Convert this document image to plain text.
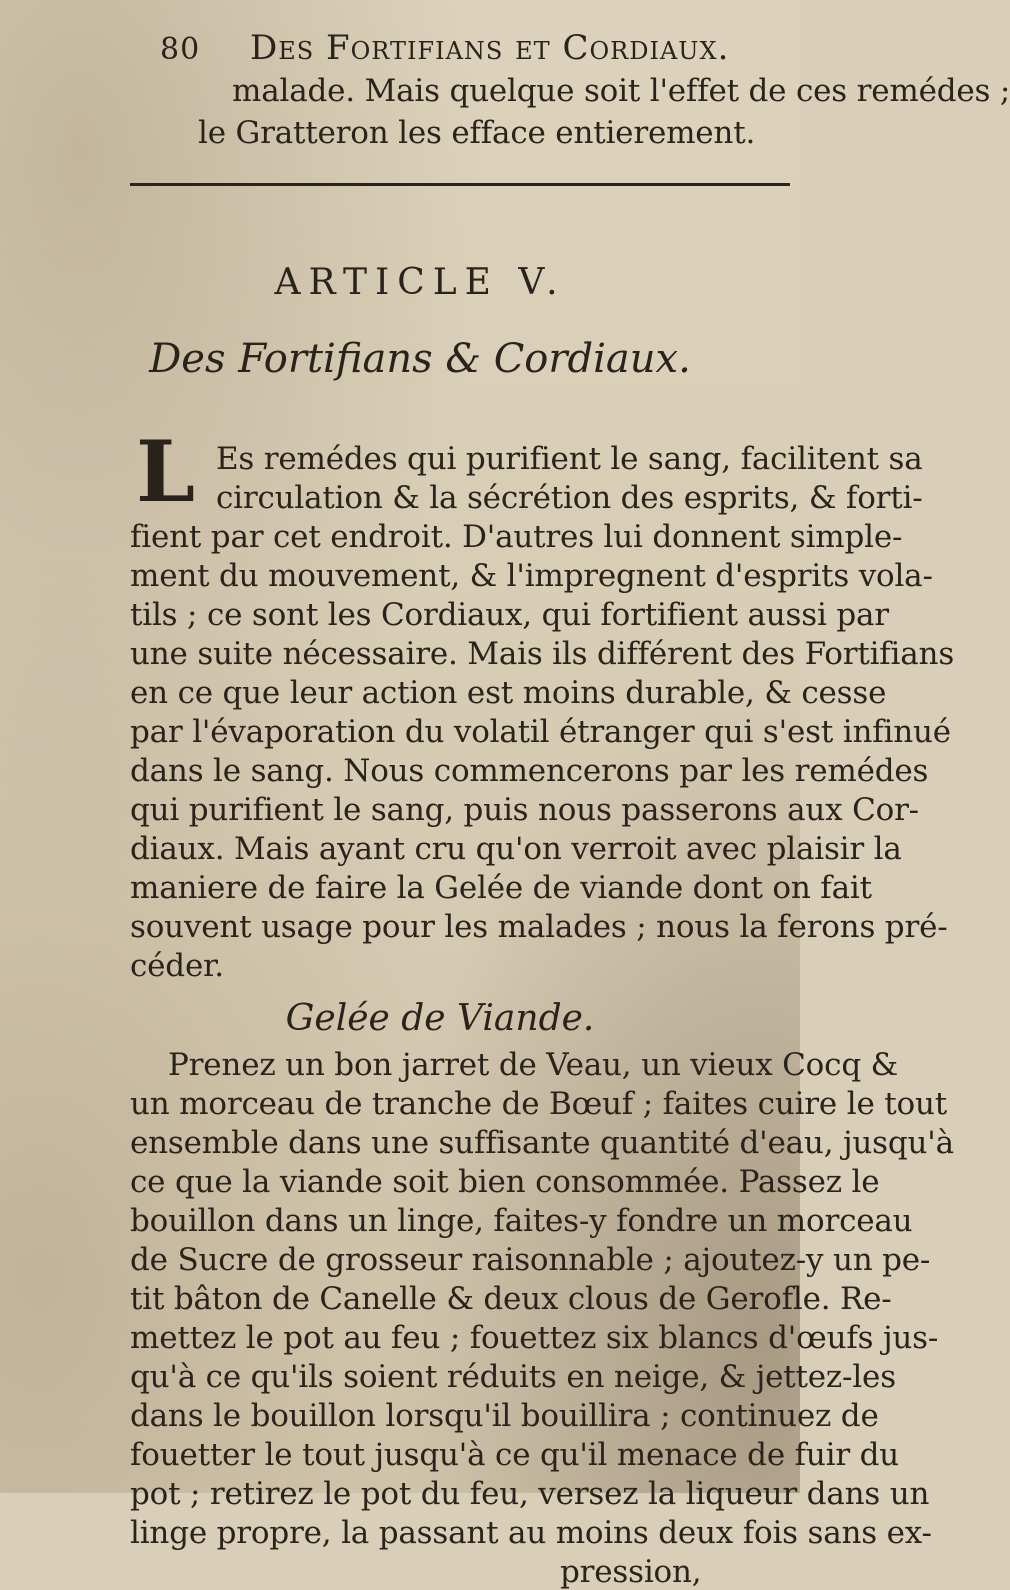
80	Des Fortifians et Cordiaux.
malade. Mais quelque soit l'effet de ces remédes ;
le Gratteron les efface entierement.
ARTICLE V.
Des Fortifians & Cordiaux.
L Es remédes qui purifient le sang, facilitent sa
circulation & la sécrétion des esprits, & forti-
fient par cet endroit. D'autres lui donnent simple-
ment du mouvement, & l'impregnent d'esprits vola-
tils ; ce sont les Cordiaux, qui fortifient aussi par
une suite nécessaire. Mais ils différent des Fortifians
en ce que leur action est moins durable, & cesse
par l'évaporation du volatil étranger qui s'est infinué
dans le sang. Nous commencerons par les remédes
qui purifient le sang, puis nous passerons aux Cor-
diaux. Mais ayant cru qu'on verroit avec plaisir la
maniere de faire la Gelée de viande dont on fait
souvent usage pour les malades ; nous la ferons pré-
céder.
Gelée de Viande.
Prenez un bon jarret de Veau, un vieux Cocq &
un morceau de tranche de Bœuf ; faites cuire le tout
ensemble dans une suffisante quantité d'eau, jusqu'à
ce que la viande soit bien consommée. Passez le
bouillon dans un linge, faites-y fondre un morceau
de Sucre de grosseur raisonnable ; ajoutez-y un pe-
tit bâton de Canelle & deux clous de Gerofle. Re-
mettez le pot au feu ; fouettez six blancs d'œufs jus-
qu'à ce qu'ils soient réduits en neige, & jettez-les
dans le bouillon lorsqu'il bouillira ; continuez de
fouetter le tout jusqu'à ce qu'il menace de fuir du
pot ; retirez le pot du feu, versez la liqueur dans un
linge propre, la passant au moins deux fois sans ex-
pression,
